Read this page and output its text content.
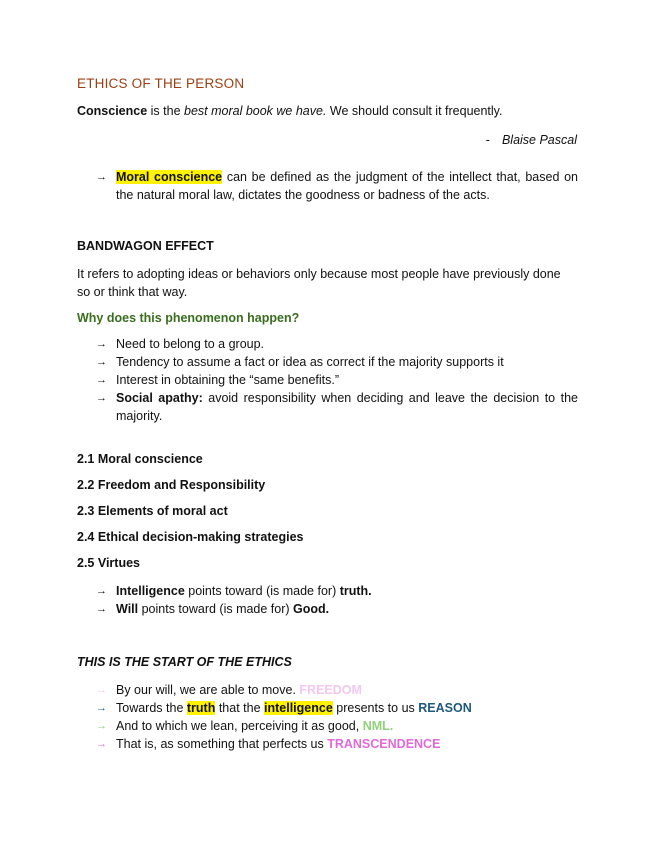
ETHICS OF THE PERSON
Conscience is the best moral book we have. We should consult it frequently.
- Blaise Pascal
→ Moral conscience can be defined as the judgment of the intellect that, based on the natural moral law, dictates the goodness or badness of the acts.
BANDWAGON EFFECT
It refers to adopting ideas or behaviors only because most people have previously done so or think that way.
Why does this phenomenon happen?
→ Need to belong to a group.
→ Tendency to assume a fact or idea as correct if the majority supports it
→ Interest in obtaining the “same benefits.”
→ Social apathy: avoid responsibility when deciding and leave the decision to the majority.
2.1 Moral conscience
2.2 Freedom and Responsibility
2.3 Elements of moral act
2.4 Ethical decision-making strategies
2.5 Virtues
→ Intelligence points toward (is made for) truth.
→ Will points toward (is made for) Good.
THIS IS THE START OF THE ETHICS
→ By our will, we are able to move. FREEDOM
→ Towards the truth that the intelligence presents to us REASON
→ And to which we lean, perceiving it as good, NML.
→ That is, as something that perfects us TRANSCENDENCE
